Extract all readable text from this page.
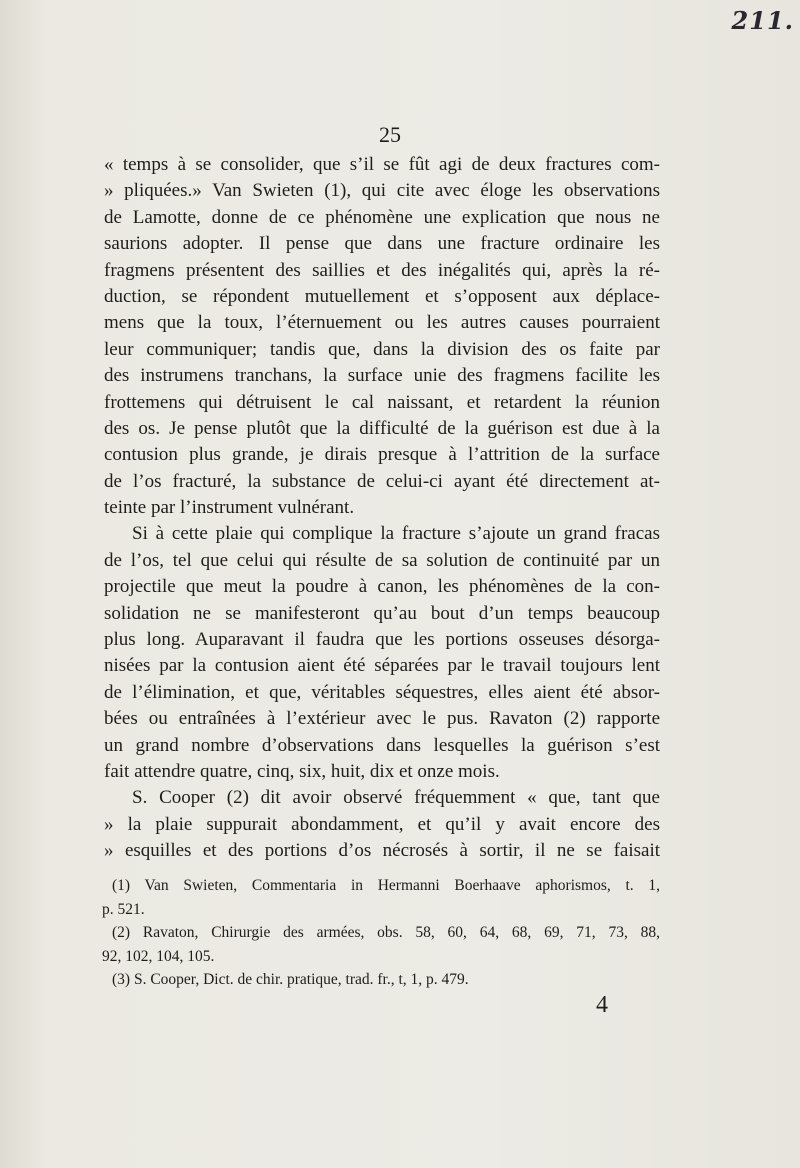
211.
25
« temps à se consolider, que s’il se fût agi de deux fractures com-
» pliquées.» Van Swieten (1), qui cite avec éloge les observations
de Lamotte, donne de ce phénomène une explication que nous ne
saurions adopter. Il pense que dans une fracture ordinaire les
fragmens présentent des saillies et des inégalités qui, après la ré-
duction, se répondent mutuellement et s’opposent aux déplace-
mens que la toux, l’éternuement ou les autres causes pourraient
leur communiquer; tandis que, dans la division des os faite par
des instrumens tranchans, la surface unie des fragmens facilite les
frottemens qui détruisent le cal naissant, et retardent la réunion
des os. Je pense plutôt que la difficulté de la guérison est due à la
contusion plus grande, je dirais presque à l’attrition de la surface
de l’os fracturé, la substance de celui-ci ayant été directement at-
teinte par l’instrument vulnérant.
Si à cette plaie qui complique la fracture s’ajoute un grand fracas
de l’os, tel que celui qui résulte de sa solution de continuité par un
projectile que meut la poudre à canon, les phénomènes de la con-
solidation ne se manifesteront qu’au bout d’un temps beaucoup
plus long. Auparavant il faudra que les portions osseuses désorga-
nisées par la contusion aient été séparées par le travail toujours lent
de l’élimination, et que, véritables séquestres, elles aient été absor-
bées ou entraînées à l’extérieur avec le pus. Ravaton (2) rapporte
un grand nombre d’observations dans lesquelles la guérison s’est
fait attendre quatre, cinq, six, huit, dix et onze mois.
S. Cooper (2) dit avoir observé fréquemment « que, tant que
» la plaie suppurait abondamment, et qu’il y avait encore des
» esquilles et des portions d’os nécrosés à sortir, il ne se faisait
(1) Van Swieten, Commentaria in Hermanni Boerhaave aphorismos, t. 1,
p. 521.
(2) Ravaton, Chirurgie des armées, obs. 58, 60, 64, 68, 69, 71, 73, 88,
92, 102, 104, 105.
(3) S. Cooper, Dict. de chir. pratique, trad. fr., t, 1, p. 479.
4
